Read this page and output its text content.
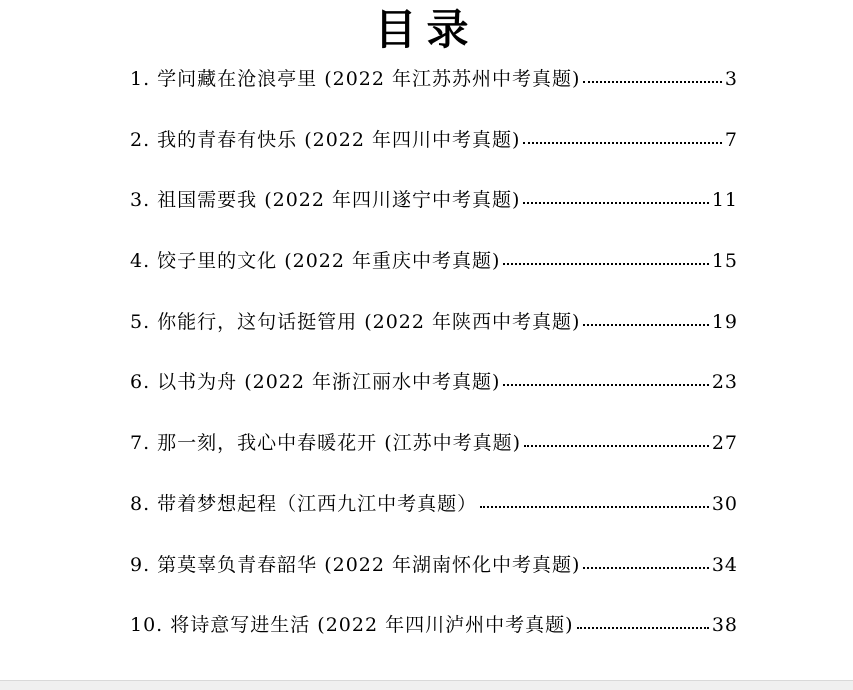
目录
1. 学问藏在沧浪亭里 (2022 年江苏苏州中考真题)	3
2. 我的青春有快乐 (2022 年四川中考真题)	7
3. 祖国需要我 (2022 年四川遂宁中考真题)	11
4. 饺子里的文化 (2022 年重庆中考真题)	15
5. 你能行，这句话挺管用 (2022 年陕西中考真题)	19
6. 以书为舟 (2022 年浙江丽水中考真题)	23
7. 那一刻，我心中春暖花开 (江苏中考真题)	27
8. 带着梦想起程（江西九江中考真题）	30
9. 第莫辜负青春韶华 (2022 年湖南怀化中考真题)	34
10. 将诗意写进生活 (2022 年四川泸州中考真题)	38
